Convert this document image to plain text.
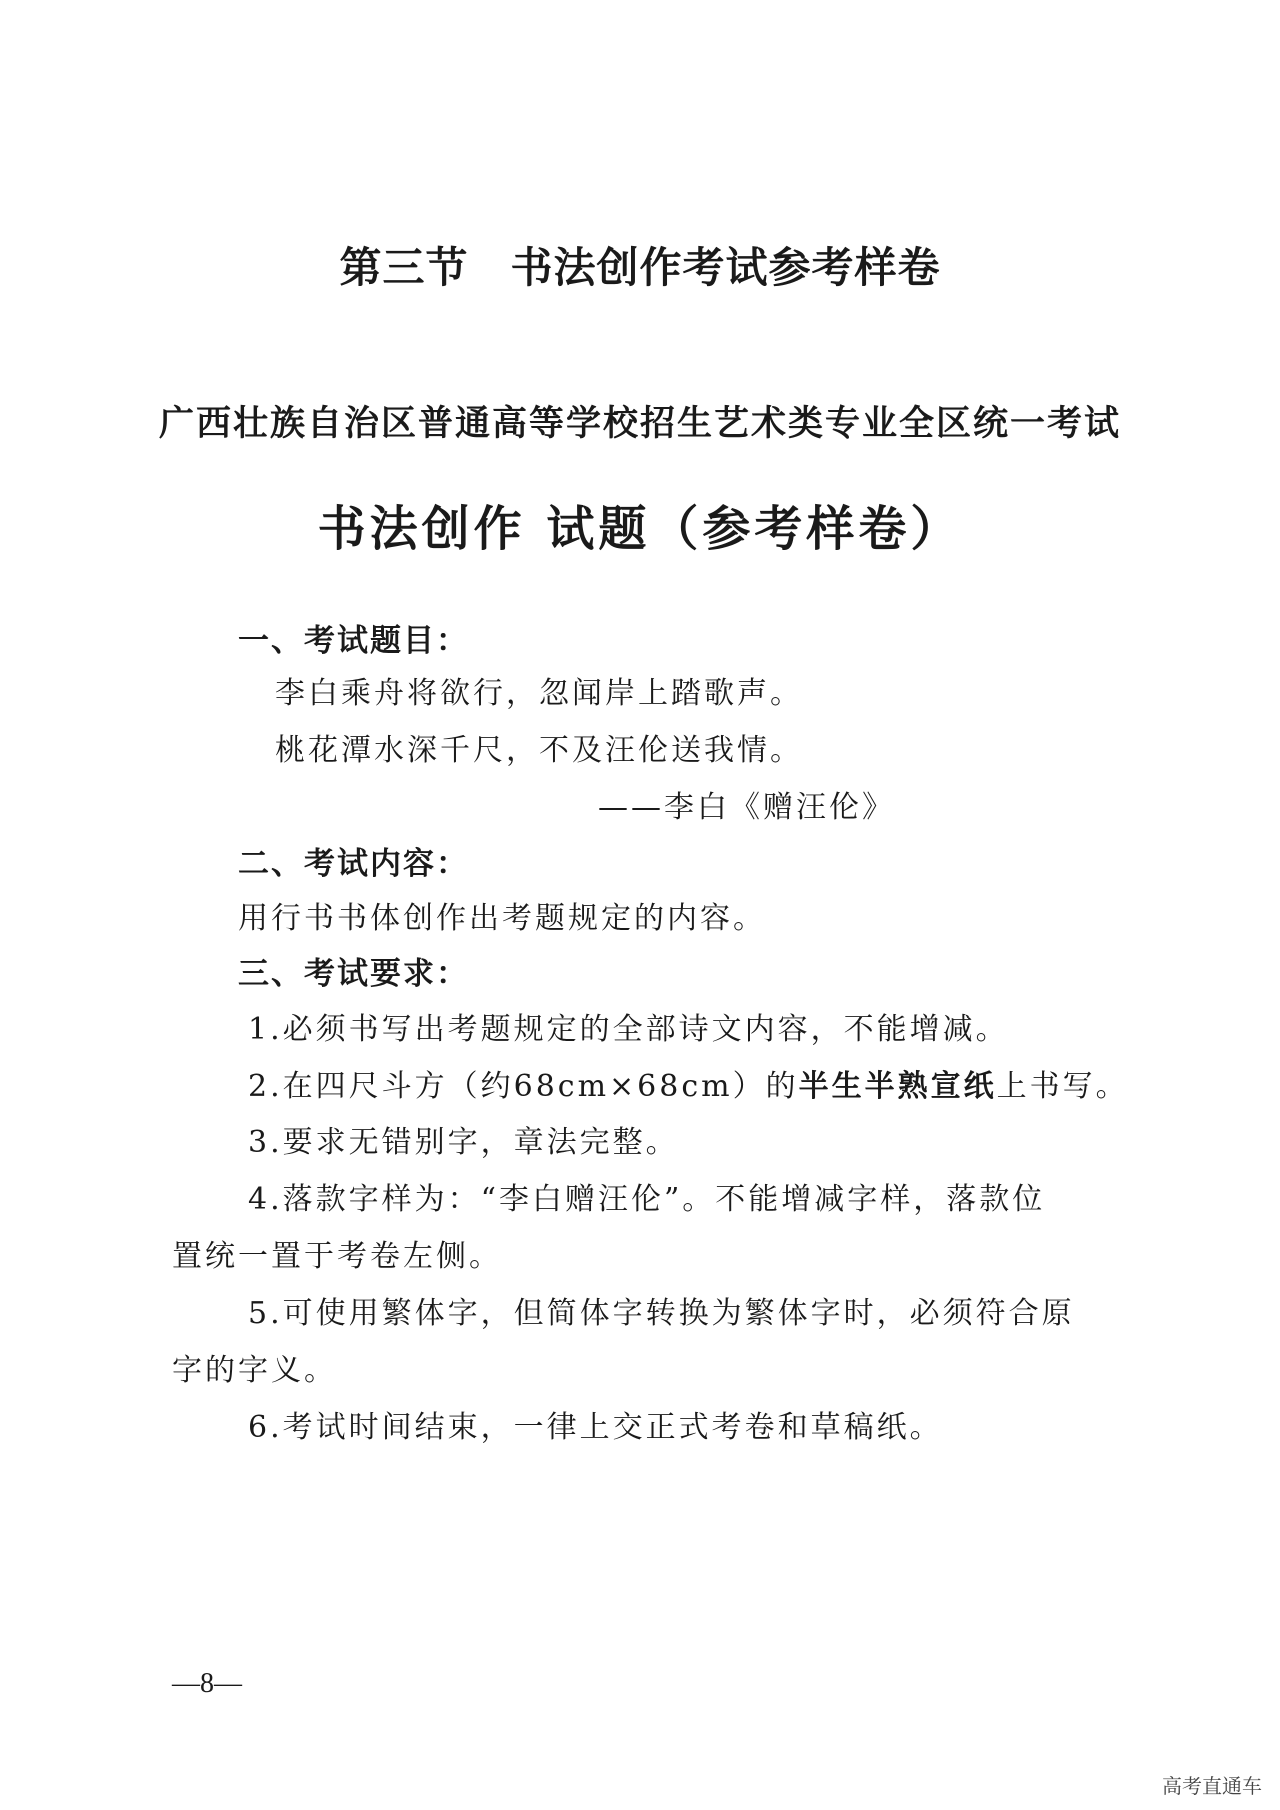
第三节 书法创作考试参考样卷
广西壮族自治区普通高等学校招生艺术类专业全区统一考试
书法创作 试题（参考样卷）
一、考试题目：
李白乘舟将欲行，忽闻岸上踏歌声。
桃花潭水深千尺，不及汪伦送我情。
——李白《赠汪伦》
二、考试内容：
用行书书体创作出考题规定的内容。
三、考试要求：
1.必须书写出考题规定的全部诗文内容，不能增减。
2.在四尺斗方（约68cm×68cm）的半生半熟宣纸上书写。
3.要求无错别字，章法完整。
4.落款字样为：“李白赠汪伦”。不能增减字样，落款位
置统一置于考卷左侧。
5.可使用繁体字，但简体字转换为繁体字时，必须符合原
字的字义。
6.考试时间结束，一律上交正式考卷和草稿纸。
—8—
高考直通车
